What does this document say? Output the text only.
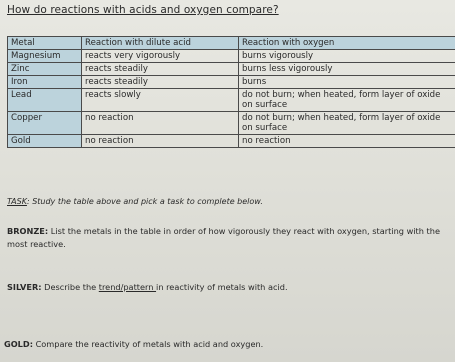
How do reactions with acids and oxygen compare?
Metal	Reaction with dilute acid	Reaction with oxygen
Magnesium	reacts very vigorously	burns vigorously
Zinc	reacts steadily	burns less vigorously
Iron	reacts steadily	burns
Lead	reacts slowly	do not burn; when heated, form layer of oxide on surface
Copper	no reaction	do not burn; when heated, form layer of oxide on surface
Gold	no reaction	no reaction
TASK: Study the table above and pick a task to complete below.
BRONZE: List the metals in the table in order of how vigorously they react with oxygen, starting with the most reactive.
SILVER: Describe the trend/pattern in reactivity of metals with acid.
GOLD: Compare the reactivity of metals with acid and oxygen.
